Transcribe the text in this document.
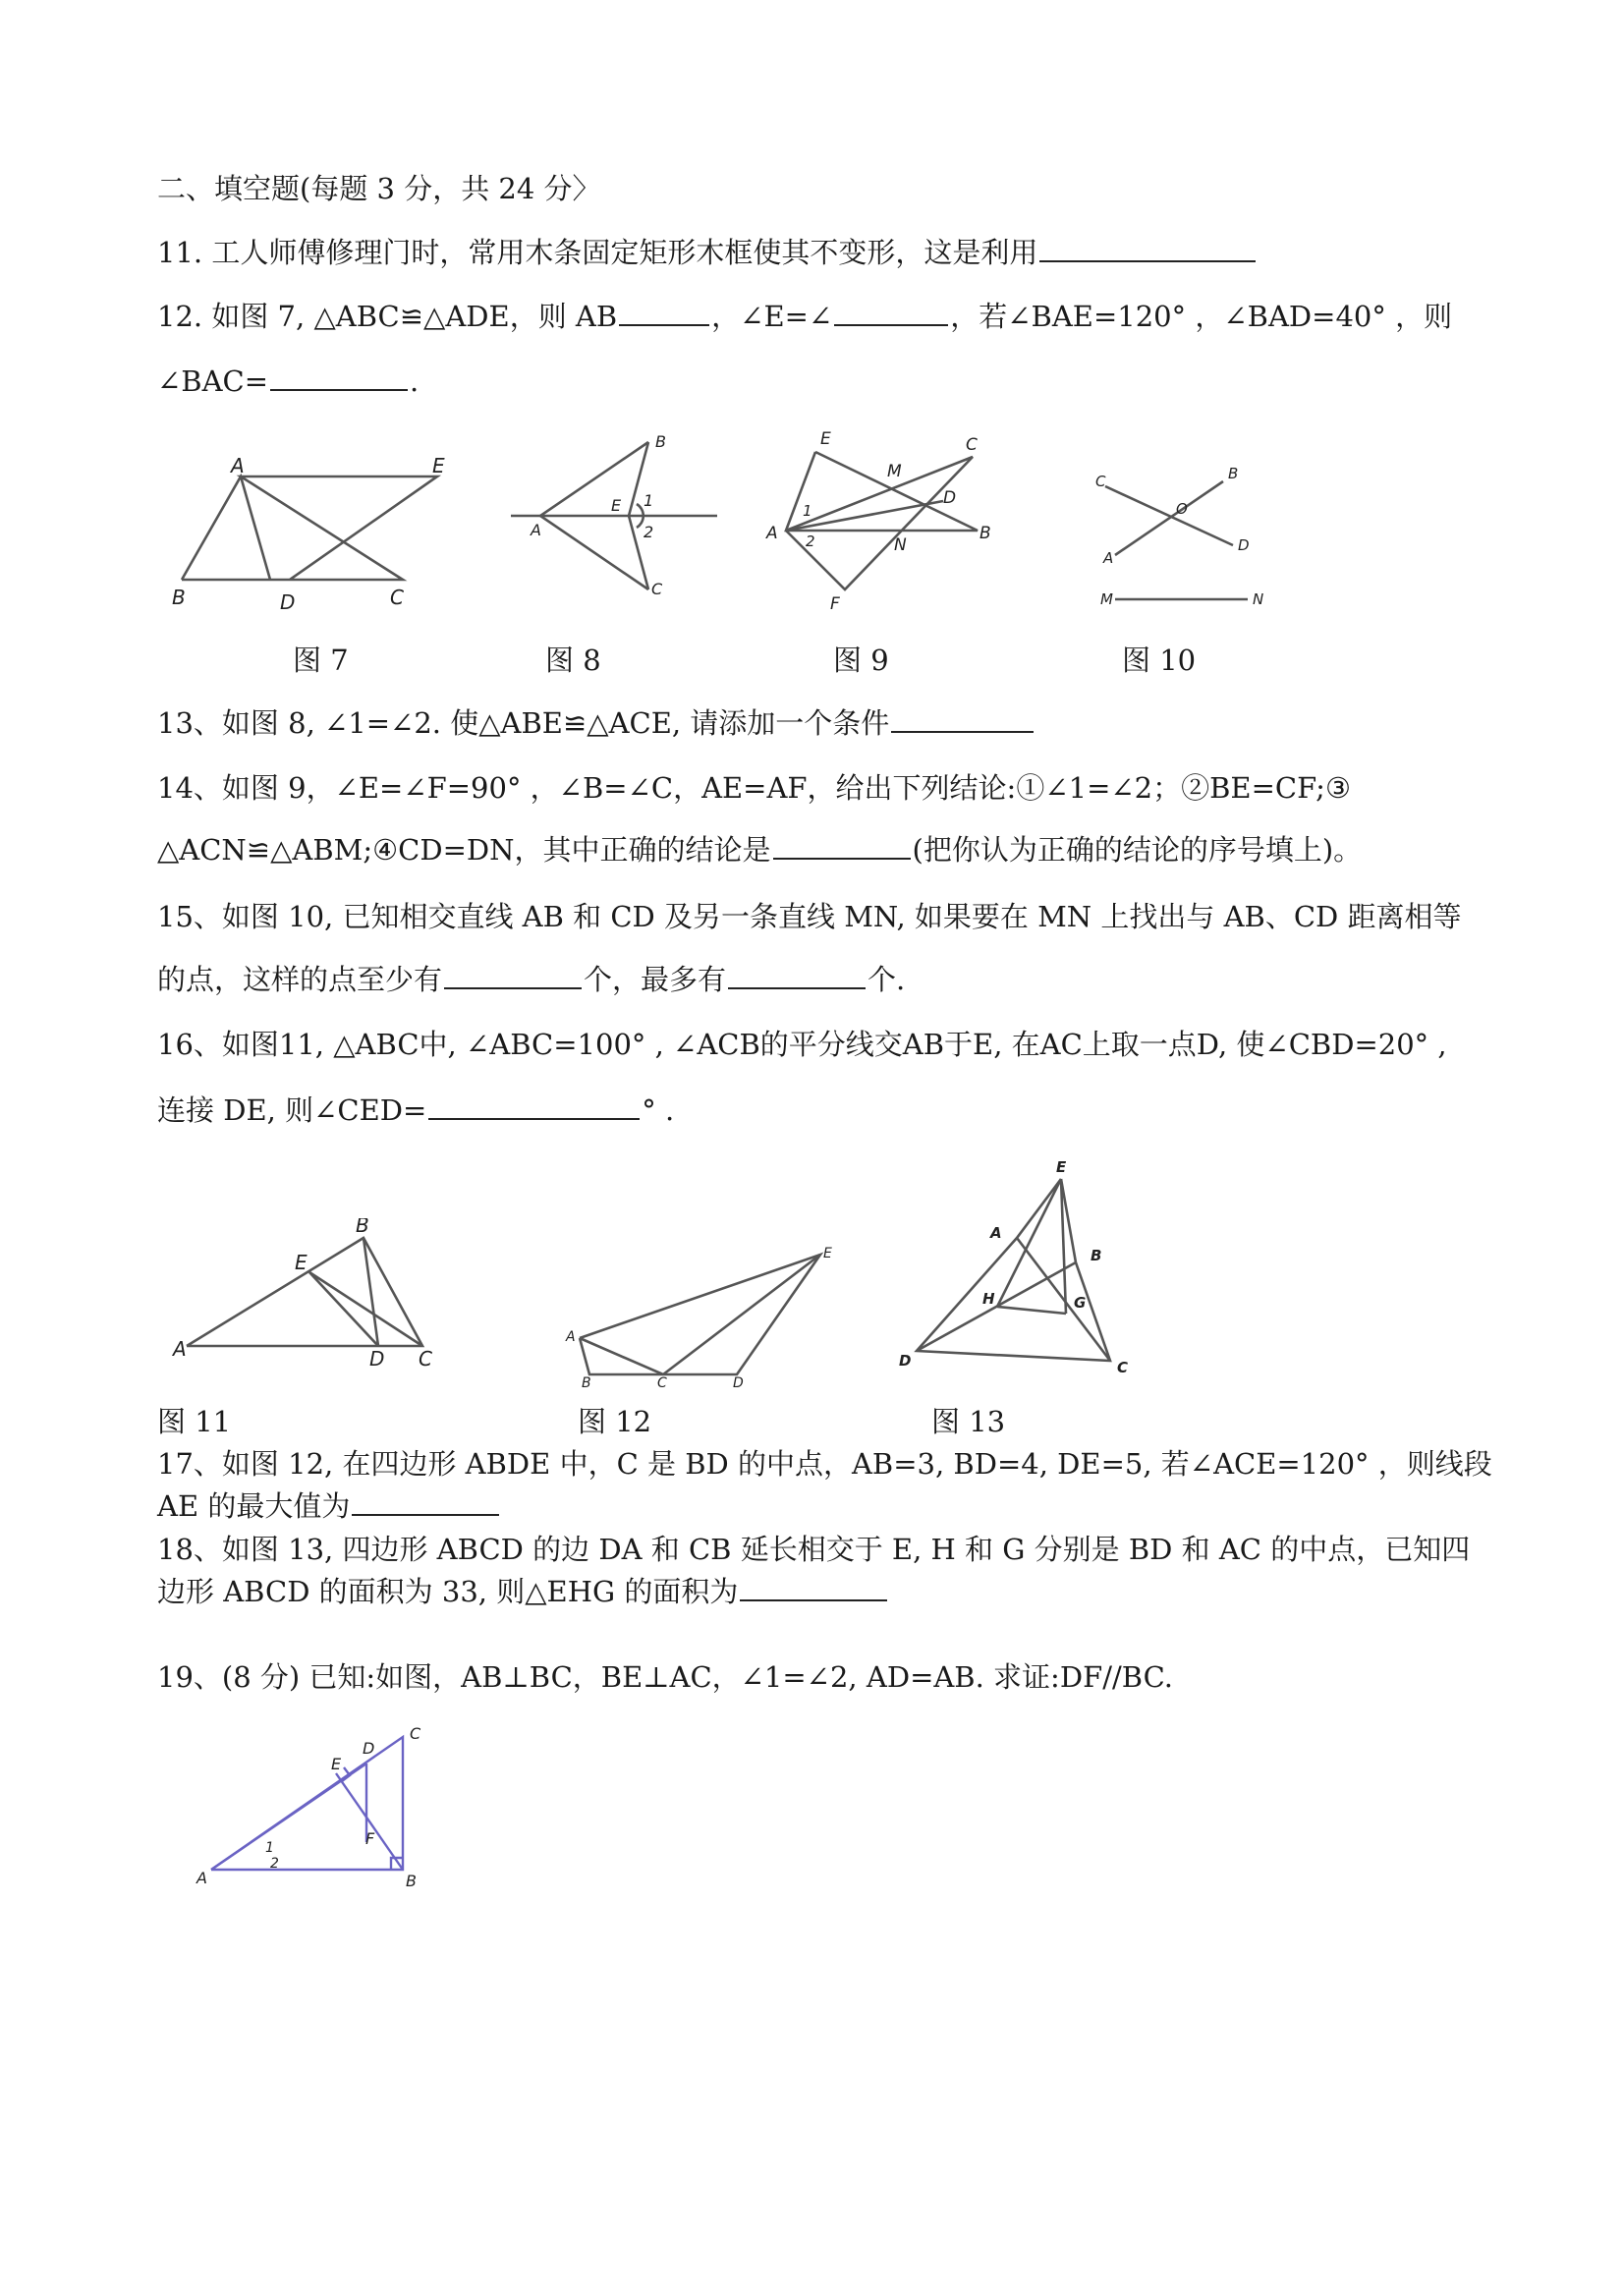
二、填空题(每题 3 分，共 24 分〉
11. 工人师傅修理门时，常用木条固定矩形木框使其不变形，这是利用
12. 如图 7, △ABC≌△ADE，则 AB	，∠E=∠	，若∠BAE=120° ，∠BAD=40° ，则
∠BAC=	.
A	E
B	D	C
图 7
A
B
E 1
2
C
图 8
E
M
C
D
A
1
2	N
B
F
图 9
C	B
O
D
A
M	N
图 10
13、如图 8, ∠1=∠2. 使△ABE≌△ACE, 请添加一个条件
14、如图 9，∠E=∠F=90° ，∠B=∠C，AE=AF，给出下列结论:①∠1=∠2；②BE=CF;③
△ACN≌△ABM;④CD=DN，其中正确的结论是	(把你认为正确的结论的序号填上)。
15、如图 10, 已知相交直线 AB 和 CD 及另一条直线 MN, 如果要在 MN 上找出与 AB、CD 距离相等
的点，这样的点至少有	个，最多有	个.
16、如图11, △ABC中, ∠ABC=100° , ∠ACB的平分线交AB于E, 在AC上取一点D, 使∠CBD=20° ,
连接 DE, 则∠CED=	° .
B
E
A	D C
图 11
E
A
B	C	D
图 12
E
A
B
H	G
D	C
图 13
17、如图 12, 在四边形 ABDE 中，C 是 BD 的中点，AB=3, BD=4, DE=5, 若∠ACE=120° ，则线段
AE 的最大值为
18、如图 13, 四边形 ABCD 的边 DA 和 CB 延长相交于 E, H 和 G 分别是 BD 和 AC 的中点，已知四
边形 ABCD 的面积为 33, 则△EHG 的面积为
19、(8 分) 已知:如图，AB⊥BC，BE⊥AC，∠1=∠2, AD=AB. 求证:DF//BC.
C
D
E
F
1
2
A	B
